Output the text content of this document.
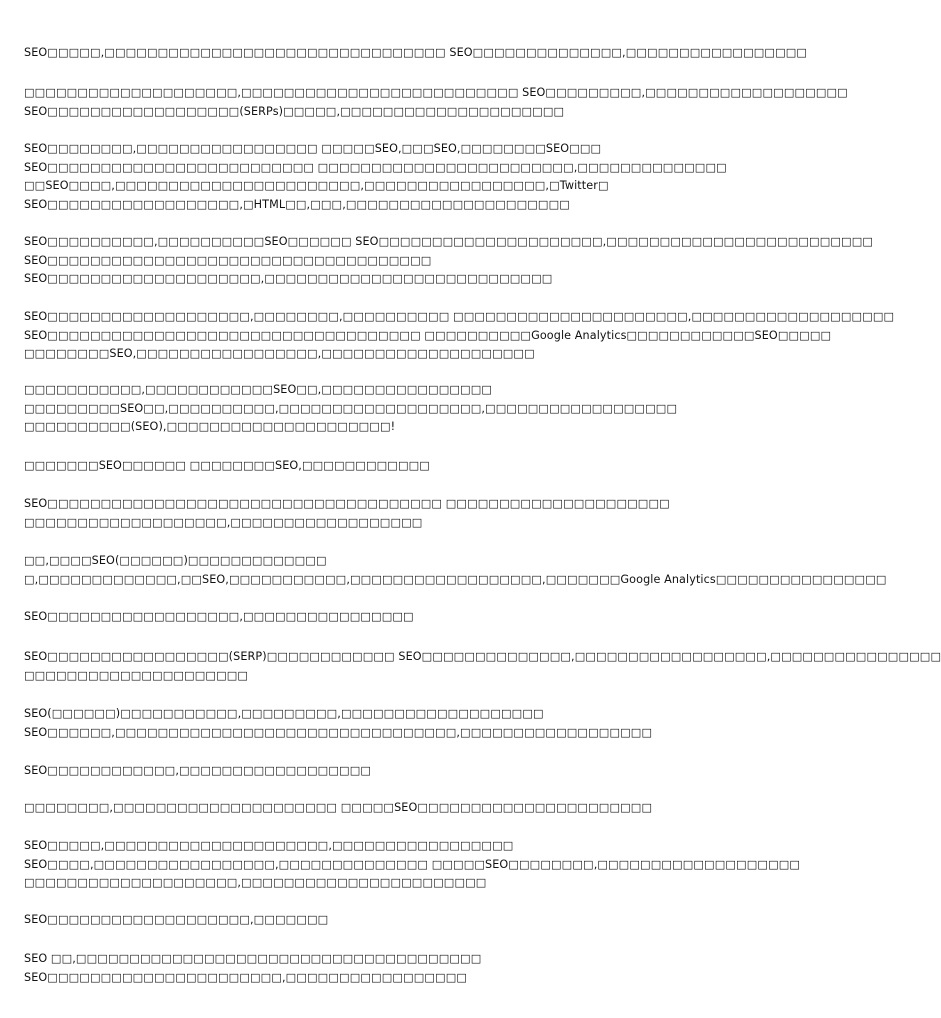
SEO□□□□□,□□□□□□□□□□□□□□□□□□□□□□□□□□□□□□□□ SEO□□□□□□□□□□□□□□,□□□□□□□□□□□□□□□□□
□□□□□□□□□□□□□□□□□□□□,□□□□□□□□□□□□□□□□□□□□□□□□□□ SEO□□□□□□□□□,□□□□□□□□□□□□□□□□□□□
SEO□□□□□□□□□□□□□□□□□□(SERPs)□□□□□,□□□□□□□□□□□□□□□□□□□□□
SEO□□□□□□□□,□□□□□□□□□□□□□□□□□ □□□□□SEO,□□□SEO,□□□□□□□□SEO□□□
SEO□□□□□□□□□□□□□□□□□□□□□□□□□ □□□□□□□□□□□□□□□□□□□□□□□□,□□□□□□□□□□□□□□
□□SEO□□□□,□□□□□□□□□□□□□□□□□□□□□□□,□□□□□□□□□□□□□□□□□,□Twitter□
SEO□□□□□□□□□□□□□□□□□□,□HTML□□,□□□,□□□□□□□□□□□□□□□□□□□□□
SEO□□□□□□□□□□,□□□□□□□□□□SEO□□□□□□ SEO□□□□□□□□□□□□□□□□□□□□□,□□□□□□□□□□□□□□□□□□□□□□□□□
SEO□□□□□□□□□□□□□□□□□□□□□□□□□□□□□□□□□□□□
SEO□□□□□□□□□□□□□□□□□□□□,□□□□□□□□□□□□□□□□□□□□□□□□□□□
SEO□□□□□□□□□□□□□□□□□□□,□□□□□□□□,□□□□□□□□□□ □□□□□□□□□□□□□□□□□□□□□□,□□□□□□□□□□□□□□□□□□□
SEO□□□□□□□□□□□□□□□□□□□□□□□□□□□□□□□□□□□ □□□□□□□□□□Google Analytics□□□□□□□□□□□□SEO□□□□□
□□□□□□□□SEO,□□□□□□□□□□□□□□□□□,□□□□□□□□□□□□□□□□□□□□
□□□□□□□□□□□,□□□□□□□□□□□□SEO□□,□□□□□□□□□□□□□□□□
□□□□□□□□□SEO□□,□□□□□□□□□□,□□□□□□□□□□□□□□□□□□□,□□□□□□□□□□□□□□□□□□
□□□□□□□□□□(SEO),□□□□□□□□□□□□□□□□□□□□□!
□□□□□□□SEO□□□□□□ □□□□□□□□SEO,□□□□□□□□□□□□
SEO□□□□□□□□□□□□□□□□□□□□□□□□□□□□□□□□□□□□□ □□□□□□□□□□□□□□□□□□□□□
□□□□□□□□□□□□□□□□□□□,□□□□□□□□□□□□□□□□□□
□□,□□□□SEO(□□□□□□)□□□□□□□□□□□□□
□,□□□□□□□□□□□□□,□□SEO,□□□□□□□□□□□,□□□□□□□□□□□□□□□□□□,□□□□□□□Google Analytics□□□□□□□□□□□□□□□□
SEO□□□□□□□□□□□□□□□□□□,□□□□□□□□□□□□□□□□
SEO□□□□□□□□□□□□□□□□□(SERP)□□□□□□□□□□□□ SEO□□□□□□□□□□□□□□,□□□□□□□□□□□□□□□□□□,□□□□□□□□□□□□□□□□
□□□□□□□□□□□□□□□□□□□□□
SEO(□□□□□□)□□□□□□□□□□□,□□□□□□□□□,□□□□□□□□□□□□□□□□□□□
SEO□□□□□□,□□□□□□□□□□□□□□□□□□□□□□□□□□□□□□□□,□□□□□□□□□□□□□□□□□□
SEO□□□□□□□□□□□□,□□□□□□□□□□□□□□□□□□
□□□□□□□□,□□□□□□□□□□□□□□□□□□□□□ □□□□□SEO□□□□□□□□□□□□□□□□□□□□□□
SEO□□□□□,□□□□□□□□□□□□□□□□□□□□□,□□□□□□□□□□□□□□□□□
SEO□□□□,□□□□□□□□□□□□□□□□□,□□□□□□□□□□□□□□ □□□□□SEO□□□□□□□□,□□□□□□□□□□□□□□□□□□□
□□□□□□□□□□□□□□□□□□□□,□□□□□□□□□□□□□□□□□□□□□□□
SEO□□□□□□□□□□□□□□□□□□□,□□□□□□□
SEO □□,□□□□□□□□□□□□□□□□□□□□□□□□□□□□□□□□□□□□□□
SEO□□□□□□□□□□□□□□□□□□□□□□,□□□□□□□□□□□□□□□□□
